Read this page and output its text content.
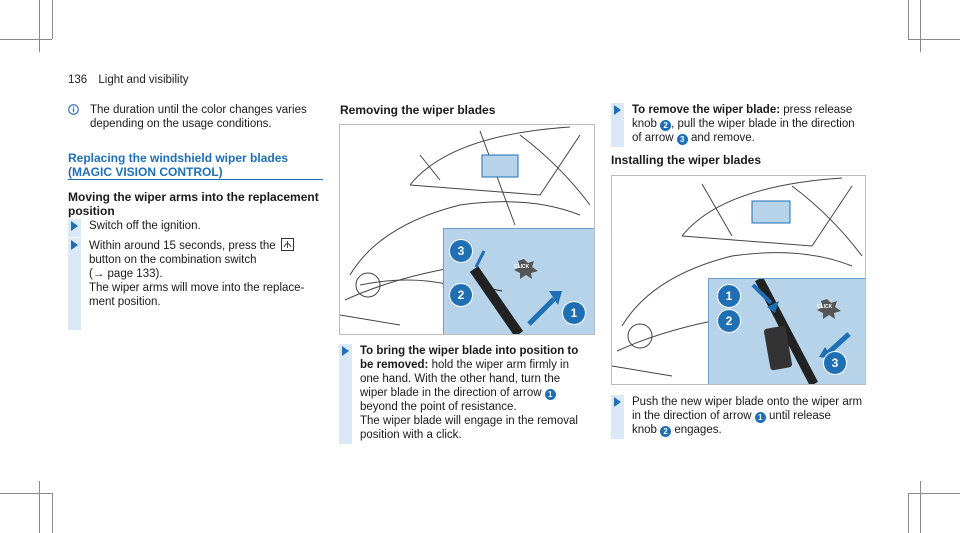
136 Light and visibility
The duration until the color changes varies
depending on the usage conditions.
Replacing the windshield wiper blades
(MAGIC VISION CONTROL)
Moving the wiper arms into the replacement
position
Switch off the ignition.
Within around 15 seconds, press the
button on the combination switch
(→ page 133).
The wiper arms will move into the replace-
ment position.
Removing the wiper blades
CLICK
3
2
1
To bring the wiper blade into position to
be removed: hold the wiper arm firmly in
one hand. With the other hand, turn the
wiper blade in the direction of arrow 1
beyond the point of resistance.
The wiper blade will engage in the removal
position with a click.
To remove the wiper blade: press release
knob 2 , pull the wiper blade in the direction
of arrow 3 and remove.
Installing the wiper blades
CLICK
1
2
3
Push the new wiper blade onto the wiper arm
in the direction of arrow 1 until release
knob 2 engages.
